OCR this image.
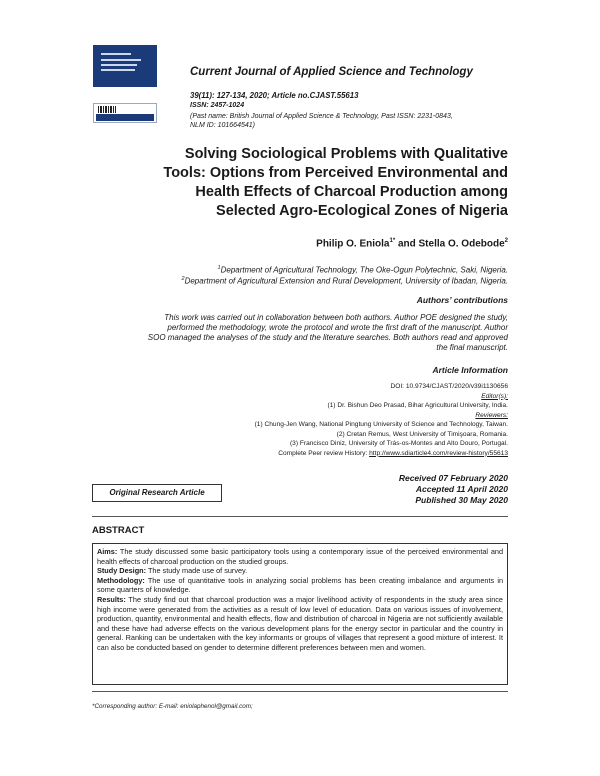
Current Journal of Applied Science and Technology
39(11): 127-134, 2020; Article no.CJAST.55613
ISSN: 2457-1024
(Past name: British Journal of Applied Science & Technology, Past ISSN: 2231-0843,
NLM ID: 101664541)
Solving Sociological Problems with Qualitative
Tools: Options from Perceived Environmental and
Health Effects of Charcoal Production among
Selected Agro-Ecological Zones of Nigeria
Philip O. Eniola$^{1*}$ and Stella O. Odebode$^2$
$^1$Department of Agricultural Technology, The Oke-Ogun Polytechnic, Saki, Nigeria.
$^2$Department of Agricultural Extension and Rural Development, University of Ibadan, Nigeria.
Authors’ contributions
This work was carried out in collaboration between both authors. Author POE designed the study,
performed the methodology, wrote the protocol and wrote the first draft of the manuscript. Author
SOO managed the analyses of the study and the literature searches. Both authors read and approved
the final manuscript.
Article Information
DOI: 10.9734/CJAST/2020/v39i1130656
Editor(s):
(1) Dr. Bishun Deo Prasad, Bihar Agricultural University, India.
Reviewers:
(1) Chung-Jen Wang, National Pingtung University of Science and Technology, Taiwan.
(2) Cretan Remus, West University of Timişoara, Romania.
(3) Francisco Diniz, University of Trás-os-Montes and Alto Douro, Portugal.
Complete Peer review History: http://www.sdiarticle4.com/review-history/55613
Original Research Article
Received 07 February 2020
Accepted 11 April 2020
Published 30 May 2020
ABSTRACT

Aims: The study discussed some basic participatory tools using a contemporary issue of the perceived environmental and health effects of charcoal production on the studied groups.

Study Design: The study made use of survey.

Methodology: The use of quantitative tools in analyzing social problems has been creating imbalance and arguments in some quarters of knowledge.

Results: The study find out that charcoal production was a major livelihood activity of respondents in the study area since high income were generated from the activities as a result of low level of education. Data on various issues of involvement, production, quantity, environmental and health effects, flow and distribution of charcoal in Nigeria are not sufficiently available and these have had adverse effects on the various development plans for the energy sector in particular and the country in general. Ranking can be undertaken with the key informants or groups of villages that represent a good mixture of interest. It can also be conducted based on gender to determine different preferences between men and women.

*Corresponding author: E-mail: eniolaphenol@gmail.com;
